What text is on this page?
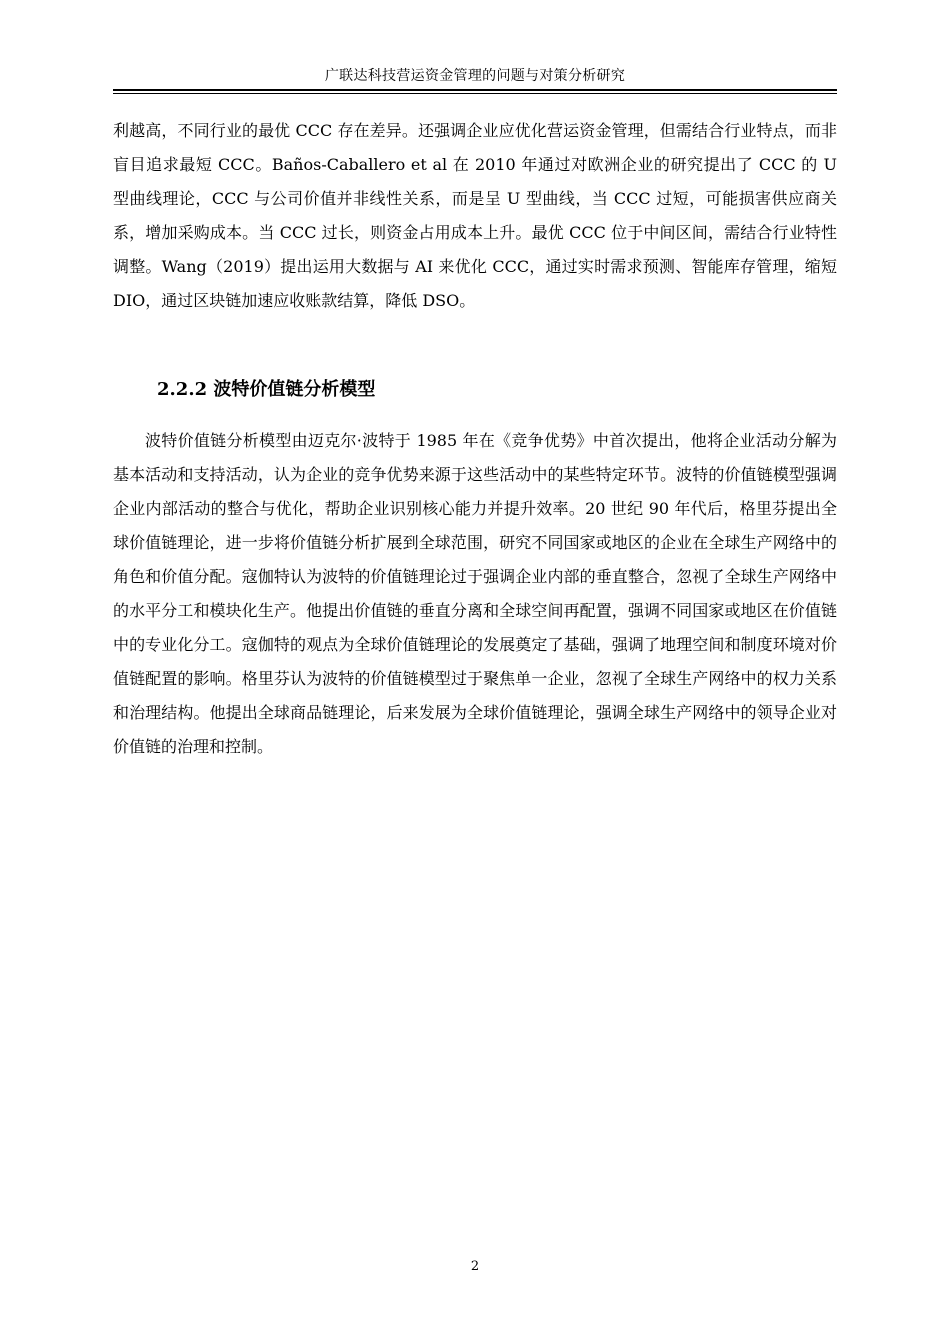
广联达科技营运资金管理的问题与对策分析研究

利越高，不同行业的最优 CCC 存在差异。还强调企业应优化营运资金管理，但需结合行业特点，而非盲目追求最短 CCC。Baños-Caballero et al 在 2010 年通过对欧洲企业的研究提出了 CCC 的 U 型曲线理论，CCC 与公司价值并非线性关系，而是呈 U 型曲线，当 CCC 过短，可能损害供应商关系，增加采购成本。当 CCC 过长，则资金占用成本上升。最优 CCC 位于中间区间，需结合行业特性调整。Wang（2019）提出运用大数据与 AI 来优化 CCC，通过实时需求预测、智能库存管理，缩短 DIO，通过区块链加速应收账款结算，降低 DSO。

2.2.2 波特价值链分析模型

波特价值链分析模型由迈克尔·波特于 1985 年在《竞争优势》中首次提出，他将企业活动分解为基本活动和支持活动，认为企业的竞争优势来源于这些活动中的某些特定环节。波特的价值链模型强调企业内部活动的整合与优化，帮助企业识别核心能力并提升效率。20 世纪 90 年代后，格里芬提出全球价值链理论，进一步将价值链分析扩展到全球范围，研究不同国家或地区的企业在全球生产网络中的角色和价值分配。寇伽特认为波特的价值链理论过于强调企业内部的垂直整合，忽视了全球生产网络中的水平分工和模块化生产。他提出价值链的垂直分离和全球空间再配置，强调不同国家或地区在价值链中的专业化分工。寇伽特的观点为全球价值链理论的发展奠定了基础，强调了地理空间和制度环境对价值链配置的影响。格里芬认为波特的价值链模型过于聚焦单一企业，忽视了全球生产网络中的权力关系和治理结构。他提出全球商品链理论，后来发展为全球价值链理论，强调全球生产网络中的领导企业对价值链的治理和控制。

2
